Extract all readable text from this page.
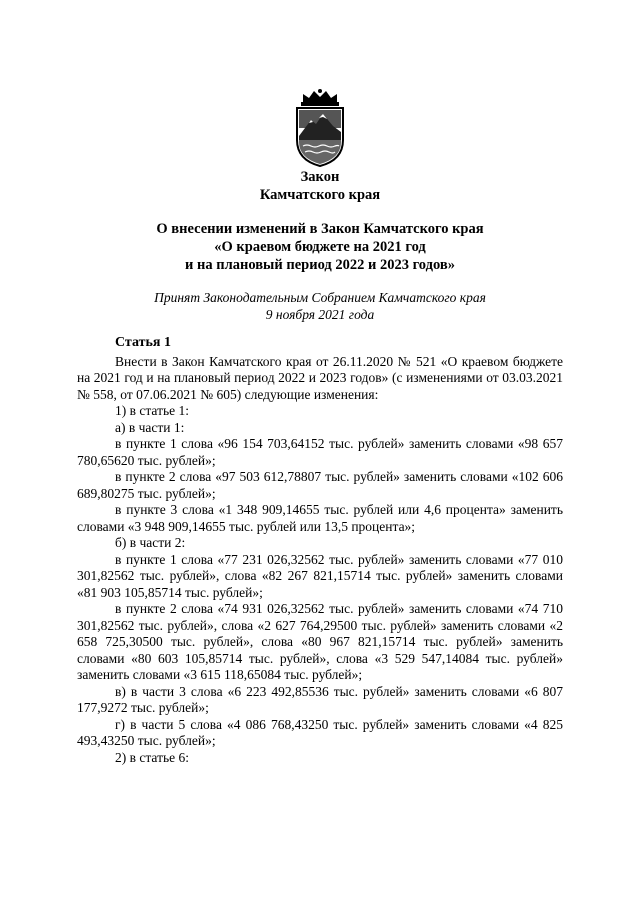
Закон
Камчатского края
О внесении изменений в Закон Камчатского края
«О краевом бюджете на 2021 год
и на плановый период 2022 и 2023 годов»
Принят Законодательным Собранием Камчатского края
9 ноября 2021 года
Статья 1

Внести в Закон Камчатского края от 26.11.2020 № 521 «О краевом бюджете на 2021 год и на плановый период 2022 и 2023 годов» (с изменениями от 03.03.2021 № 558, от 07.06.2021 № 605) следующие изменения:

1) в статье 1:

а) в части 1:

в пункте 1 слова «96 154 703,64152 тыс. рублей» заменить словами «98 657 780,65620 тыс. рублей»;

в пункте 2 слова «97 503 612,78807 тыс. рублей» заменить словами «102 606 689,80275 тыс. рублей»;

в пункте 3 слова «1 348 909,14655 тыс. рублей или 4,6 процента» заменить словами «3 948 909,14655 тыс. рублей или 13,5 процента»;

б) в части 2:

в пункте 1 слова «77 231 026,32562 тыс. рублей» заменить словами «77 010 301,82562 тыс. рублей», слова «82 267 821,15714 тыс. рублей» заменить словами «81 903 105,85714 тыс. рублей»;

в пункте 2 слова «74 931 026,32562 тыс. рублей» заменить словами «74 710 301,82562 тыс. рублей», слова «2 627 764,29500 тыс. рублей» заменить словами «2 658 725,30500 тыс. рублей», слова «80 967 821,15714 тыс. рублей» заменить словами «80 603 105,85714 тыс. рублей», слова «3 529 547,14084 тыс. рублей» заменить словами «3 615 118,65084 тыс. рублей»;

в) в части 3 слова «6 223 492,85536 тыс. рублей» заменить словами «6 807 177,9272 тыс. рублей»;

г) в части 5 слова «4 086 768,43250 тыс. рублей» заменить словами «4 825 493,43250 тыс. рублей»;

2) в статье 6:
